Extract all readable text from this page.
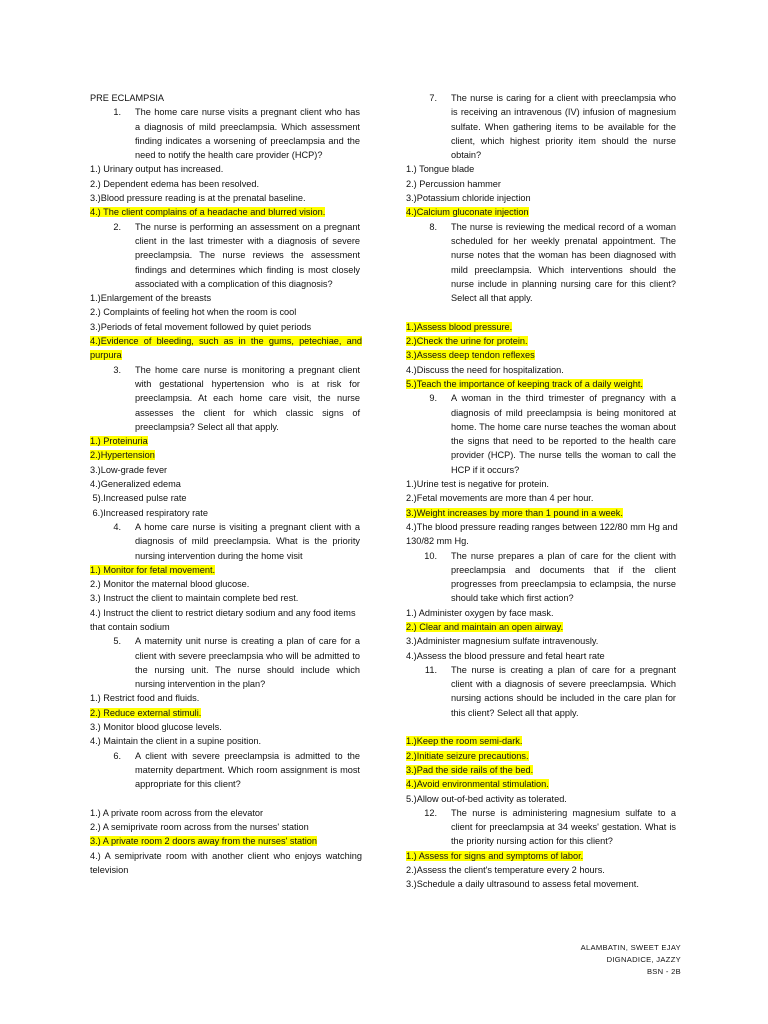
PRE ECLAMPSIA
1.	The home care nurse visits a pregnant client who has a diagnosis of mild preeclampsia. Which assessment finding indicates a worsening of preeclampsia and the need to notify the health care provider (HCP)?
1.) Urinary output has increased.
2.) Dependent edema has been resolved.
3.)Blood pressure reading is at the prenatal baseline.
4.) The client complains of a headache and blurred vision.
2.	The nurse is performing an assessment on a pregnant client in the last trimester with a diagnosis of severe preeclampsia. The nurse reviews the assessment findings and determines which finding is most closely associated with a complication of this diagnosis?
1.)Enlargement of the breasts
2.) Complaints of feeling hot when the room is cool
3.)Periods of fetal movement followed by quiet periods
4.)Evidence of bleeding, such as in the gums, petechiae, and purpura
3.	The home care nurse is monitoring a pregnant client with gestational hypertension who is at risk for preeclampsia. At each home care visit, the nurse assesses the client for which classic signs of preeclampsia? Select all that apply.
1.) Proteinuria
2.)Hypertension
3.)Low-grade fever
4.)Generalized edema
5).Increased pulse rate
6.)Increased respiratory rate
4.	A home care nurse is visiting a pregnant client with a diagnosis of mild preeclampsia. What is the priority nursing intervention during the home visit
1.) Monitor for fetal movement.
2.) Monitor the maternal blood glucose.
3.) Instruct the client to maintain complete bed rest.
4.) Instruct the client to restrict dietary sodium and any food items that contain sodium
5.	A maternity unit nurse is creating a plan of care for a client with severe preeclampsia who will be admitted to the nursing unit. The nurse should include which nursing intervention in the plan?
1.) Restrict food and fluids.
2.) Reduce external stimuli.
3.) Monitor blood glucose levels.
4.) Maintain the client in a supine position.
6.	A client with severe preeclampsia is admitted to the maternity department. Which room assignment is most appropriate for this client?
1.) A private room across from the elevator
2.) A semiprivate room across from the nurses' station
3.) A private room 2 doors away from the nurses' station
4.) A semiprivate room with another client who enjoys watching television
7.	The nurse is caring for a client with preeclampsia who is receiving an intravenous (IV) infusion of magnesium sulfate. When gathering items to be available for the client, which highest priority item should the nurse obtain?
1.) Tongue blade
2.) Percussion hammer
3.)Potassium chloride injection
4.)Calcium gluconate injection
8.	The nurse is reviewing the medical record of a woman scheduled for her weekly prenatal appointment. The nurse notes that the woman has been diagnosed with mild preeclampsia. Which interventions should the nurse include in planning nursing care for this client? Select all that apply.
1.)Assess blood pressure.
2.)Check the urine for protein.
3.)Assess deep tendon reflexes
4.)Discuss the need for hospitalization.
5.)Teach the importance of keeping track of a daily weight.
9.	A woman in the third trimester of pregnancy with a diagnosis of mild preeclampsia is being monitored at home. The home care nurse teaches the woman about the signs that need to be reported to the health care provider (HCP). The nurse tells the woman to call the HCP if it occurs?
1.)Urine test is negative for protein.
2.)Fetal movements are more than 4 per hour.
3.)Weight increases by more than 1 pound in a week.
4.)The blood pressure reading ranges between 122/80 mm Hg and 130/82 mm Hg.
10.	The nurse prepares a plan of care for the client with preeclampsia and documents that if the client progresses from preeclampsia to eclampsia, the nurse should take which first action?
1.) Administer oxygen by face mask.
2.) Clear and maintain an open airway.
3.)Administer magnesium sulfate intravenously.
4.)Assess the blood pressure and fetal heart rate
11.	The nurse is creating a plan of care for a pregnant client with a diagnosis of severe preeclampsia. Which nursing actions should be included in the care plan for this client? Select all that apply.
1.)Keep the room semi-dark.
2.)Initiate seizure precautions.
3.)Pad the side rails of the bed.
4.)Avoid environmental stimulation.
5.)Allow out-of-bed activity as tolerated.
12.	The nurse is administering magnesium sulfate to a client for preeclampsia at 34 weeks' gestation. What is the priority nursing action for this client?
1.) Assess for signs and symptoms of labor.
2.)Assess the client's temperature every 2 hours.
3.)Schedule a daily ultrasound to assess fetal movement.
ALAMBATIN, SWEET EJAY
DIGNADICE, JAZZY
BSN - 2B
